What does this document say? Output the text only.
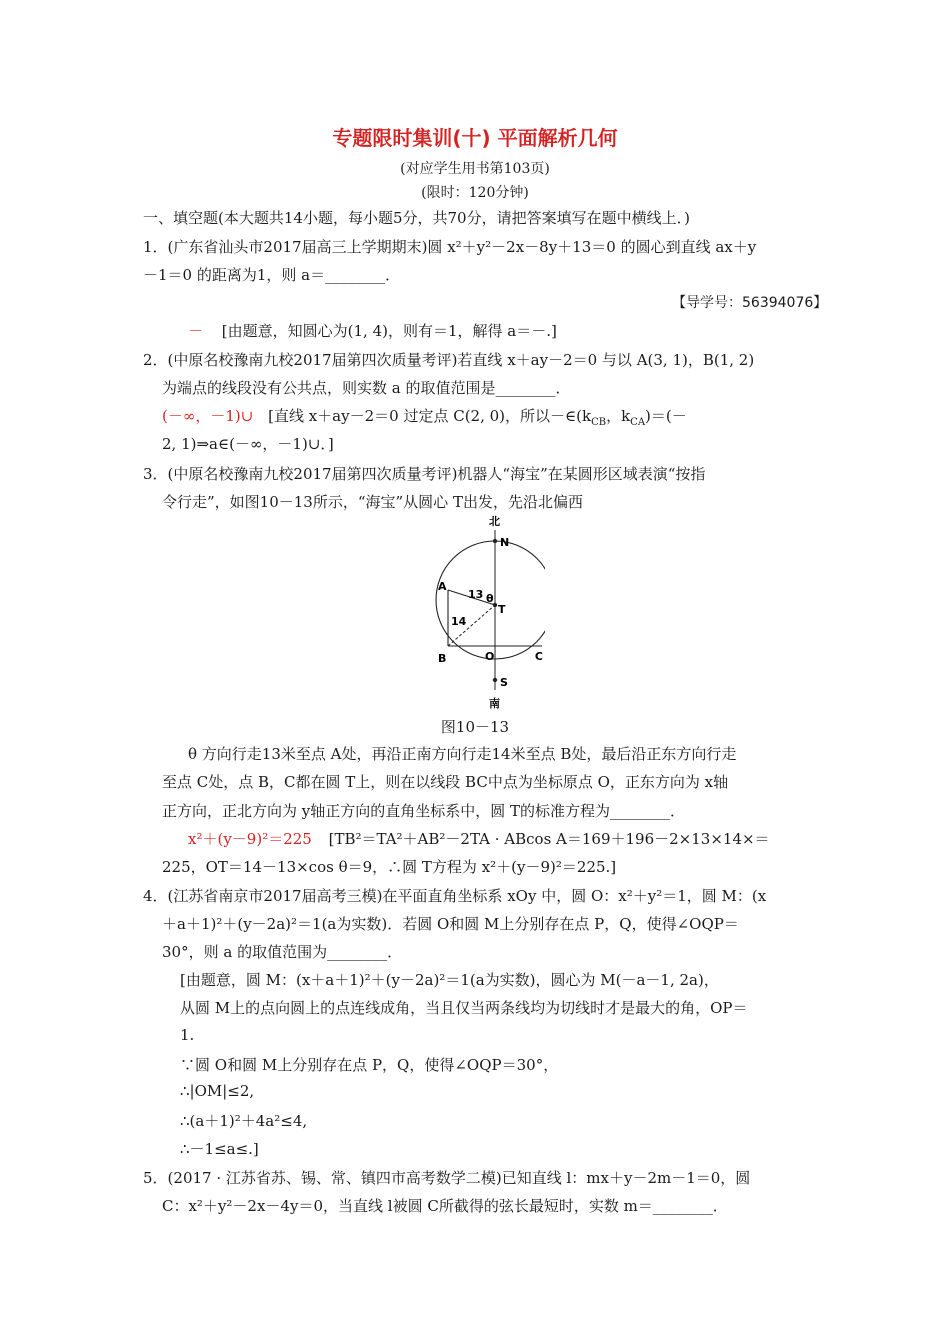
专题限时集训(十) 平面解析几何
(对应学生用书第103页)
(限时：120分钟)
一、填空题(本大题共14小题，每小题5分，共70分，请把答案填写在题中横线上．)
1．(广东省汕头市2017届高三上学期期末)圆 x²＋y²－2x－8y＋13＝0 的圆心到直线 ax＋y
－1＝0 的距离为1，则 a＝________．
【导学号：56394076】
－ [由题意，知圆心为(1, 4)，则有＝1，解得 a＝－.]
2．(中原名校豫南九校2017届第四次质量考评)若直线 x＋ay－2＝0 与以 A(3, 1)，B(1, 2)
为端点的线段没有公共点，则实数 a 的取值范围是________．
(－∞，－1)∪ [直线 x＋ay－2＝0 过定点 C(2, 0)，所以$-\in(k_{CB}$，$k_{CA})=(-$
2, 1)⇒a∈(－∞，－1)∪．]
3．(中原名校豫南九校2017届第四次质量考评)机器人“海宝”在某圆形区域表演“按指
令行走”，如图10－13所示，“海宝”从圆心 T出发，先沿北偏西
北
N
A
13 θ
T
14
B	O	C
S
南
图10－13
θ 方向行走13米至点 A处，再沿正南方向行走14米至点 B处，最后沿正东方向行走
至点 C处，点 B，C都在圆 T上，则在以线段 BC中点为坐标原点 O，正东方向为 x轴
正方向，正北方向为 y轴正方向的直角坐标系中，圆 T的标准方程为________．
x²＋(y－9)²＝225 [TB²＝TA²＋AB²－2TA · ABcos A＝169＋196－2×13×14×＝
225，OT＝14－13×cos θ＝9，∴圆 T方程为 x²＋(y－9)²＝225.]
4．(江苏省南京市2017届高考三模)在平面直角坐标系 xOy 中，圆 O：x²＋y²＝1，圆 M：(x
＋a＋1)²＋(y－2a)²＝1(a为实数)．若圆 O和圆 M上分别存在点 P，Q，使得∠OQP＝
30°，则 a 的取值范围为________．
[由题意，圆 M：(x＋a＋1)²＋(y－2a)²＝1(a为实数)，圆心为 M(－a－1, 2a)，
从圆 M上的点向圆上的点连线成角，当且仅当两条线均为切线时才是最大的角，OP＝
1.
∵圆 O和圆 M上分别存在点 P，Q，使得∠OQP＝30°，
∴|OM|≤2,
∴(a＋1)²＋4a²≤4,
∴－1≤a≤.]
5．(2017 · 江苏省苏、锡、常、镇四市高考数学二模)已知直线 l：mx＋y－2m－1＝0，圆
C：x²＋y²－2x－4y＝0，当直线 l被圆 C所截得的弦长最短时，实数 m＝________．
